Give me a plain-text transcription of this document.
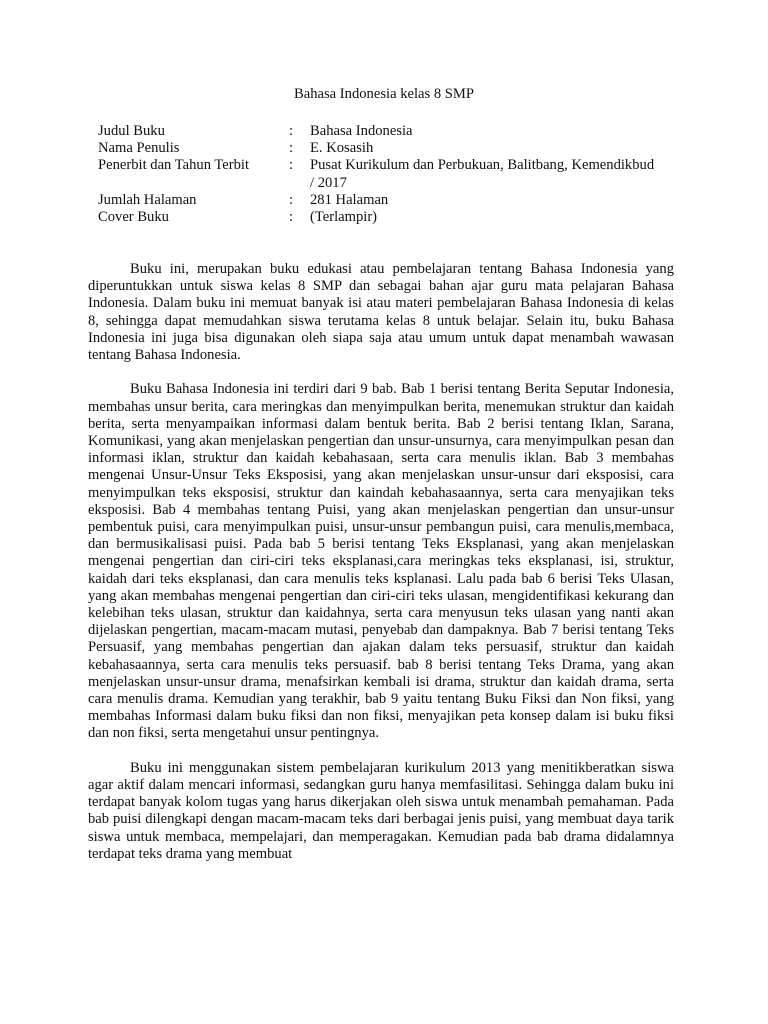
Bahasa Indonesia kelas 8 SMP
Judul Buku	:	Bahasa Indonesia
Nama Penulis	:	E. Kosasih
Penerbit dan Tahun Terbit	:	Pusat Kurikulum dan Perbukuan, Balitbang, Kemendikbud / 2017
Jumlah Halaman	:	281 Halaman
Cover Buku	:	(Terlampir)

Buku ini, merupakan buku edukasi atau pembelajaran tentang Bahasa Indonesia yang diperuntukkan untuk siswa kelas 8 SMP dan sebagai bahan ajar guru mata pelajaran Bahasa Indonesia. Dalam buku ini memuat banyak isi atau materi pembelajaran Bahasa Indonesia di kelas 8, sehingga dapat memudahkan siswa terutama kelas 8 untuk belajar. Selain itu, buku Bahasa Indonesia ini juga bisa digunakan oleh siapa saja atau umum untuk dapat menambah wawasan tentang Bahasa Indonesia.

Buku Bahasa Indonesia ini terdiri dari 9 bab. Bab 1 berisi tentang Berita Seputar Indonesia, membahas unsur berita, cara meringkas dan menyimpulkan berita, menemukan struktur dan kaidah berita, serta menyampaikan informasi dalam bentuk berita. Bab 2 berisi tentang Iklan, Sarana, Komunikasi, yang akan menjelaskan pengertian dan unsur-unsurnya, cara menyimpulkan pesan dan informasi iklan, struktur dan kaidah kebahasaan, serta cara menulis iklan. Bab 3 membahas mengenai Unsur-Unsur Teks Eksposisi, yang akan menjelaskan unsur-unsur dari eksposisi, cara menyimpulkan teks eksposisi, struktur dan kaindah kebahasaannya, serta cara menyajikan teks eksposisi. Bab 4 membahas tentang Puisi, yang akan menjelaskan pengertian dan unsur-unsur pembentuk puisi, cara menyimpulkan puisi, unsur-unsur pembangun puisi, cara menulis,membaca, dan bermusikalisasi puisi. Pada bab 5 berisi tentang Teks Eksplanasi, yang akan menjelaskan mengenai pengertian dan ciri-ciri teks eksplanasi,cara meringkas teks eksplanasi, isi, struktur, kaidah dari teks eksplanasi, dan cara menulis teks ksplanasi. Lalu pada bab 6 berisi Teks Ulasan, yang akan membahas mengenai pengertian dan ciri-ciri teks ulasan, mengidentifikasi kekurang dan kelebihan teks ulasan, struktur dan kaidahnya, serta cara menyusun teks ulasan yang nanti akan dijelaskan pengertian, macam-macam mutasi, penyebab dan dampaknya. Bab 7 berisi tentang Teks Persuasif, yang membahas pengertian dan ajakan dalam teks persuasif, struktur dan kaidah kebahasaannya, serta cara menulis teks persuasif. bab 8 berisi tentang Teks Drama, yang akan menjelaskan unsur-unsur drama, menafsirkan kembali isi drama, struktur dan kaidah drama, serta cara menulis drama. Kemudian yang terakhir, bab 9 yaitu tentang Buku Fiksi dan Non fiksi, yang membahas Informasi dalam buku fiksi dan non fiksi, menyajikan peta konsep dalam isi buku fiksi dan non fiksi, serta mengetahui unsur pentingnya.

Buku ini menggunakan sistem pembelajaran kurikulum 2013 yang menitikberatkan siswa agar aktif dalam mencari informasi, sedangkan guru hanya memfasilitasi. Sehingga dalam buku ini terdapat banyak kolom tugas yang harus dikerjakan oleh siswa untuk menambah pemahaman. Pada bab puisi dilengkapi dengan macam-macam teks dari berbagai jenis puisi, yang membuat daya tarik siswa untuk membaca, mempelajari, dan memperagakan. Kemudian pada bab drama didalamnya terdapat teks drama yang membuat
